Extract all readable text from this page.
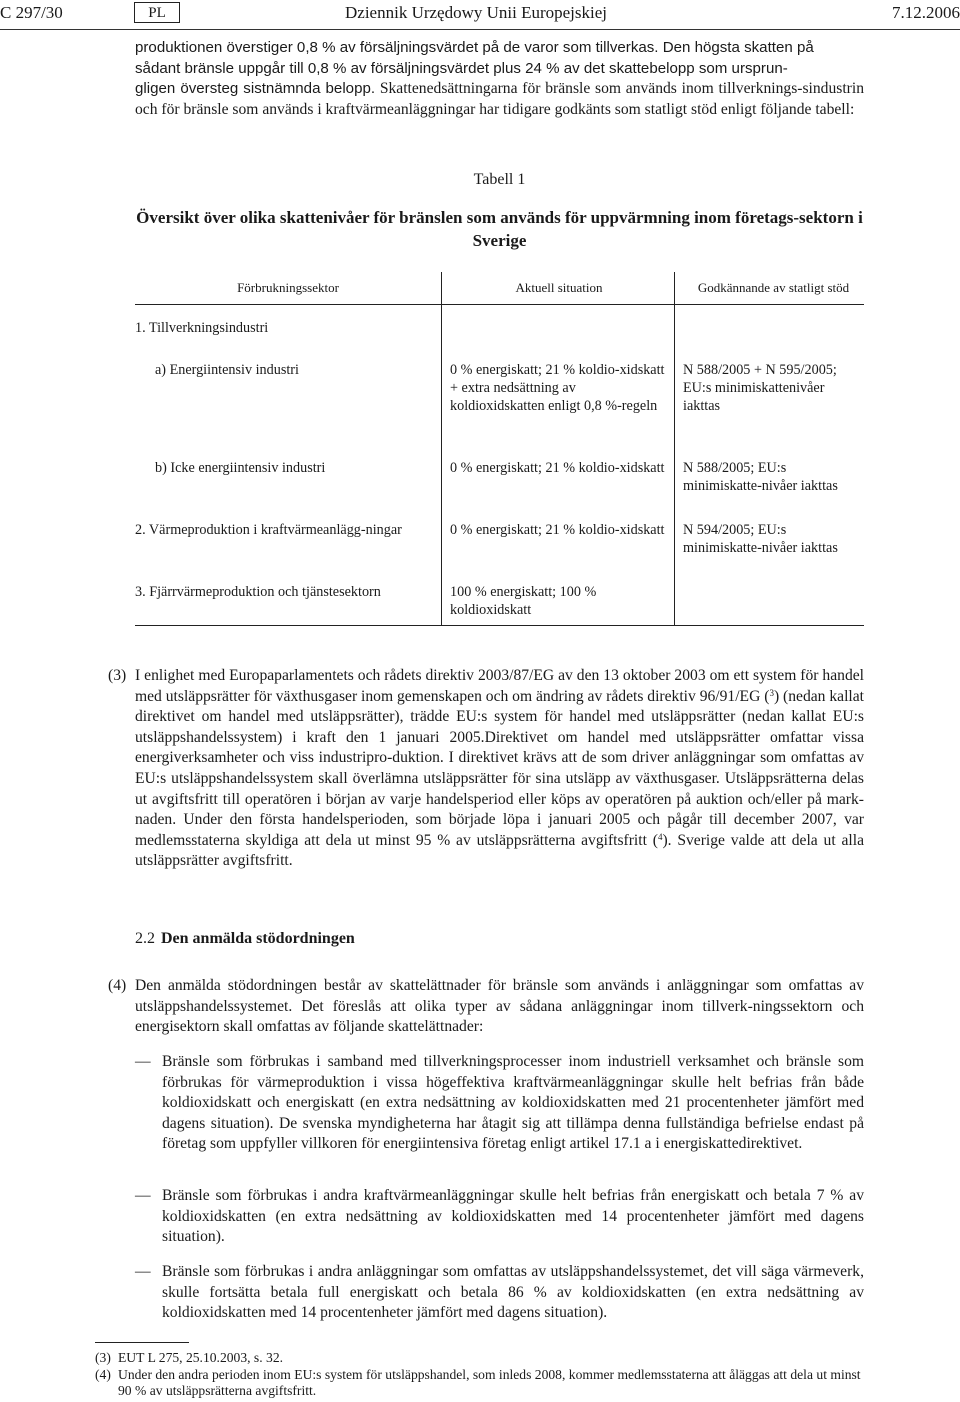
C 297/30	PL	Dziennik Urzędowy Unii Europejskiej	7.12.2006
produktionen överstiger 0,8 % av försäljningsvärdet på de varor som tillverkas. Den högsta skatten på
sådant bränsle uppgår till 0,8 % av försäljningsvärdet plus 24 % av det skattebelopp som ursprun-
gligen översteg sistnämnda belopp. Skattenedsättningarna för bränsle som används inom tillverknings-sindustrin och för bränsle som används i kraftvärmeanläggningar har tidigare godkänts som statligt stöd enligt följande tabell:
Tabell 1
Översikt över olika skattenivåer för bränslen som används för uppvärmning inom företags-sektorn i Sverige
Förbrukningssektor	Aktuell situation	Godkännande av statligt stöd
1. Tillverkningsindustri		
a) Energiintensiv industri	0 % energiskatt; 21 % koldio-xidskatt + extra nedsättning av koldioxidskatten enligt 0,8 %-regeln	N 588/2005 + N 595/2005; EU:s minimiskattenivåer iakttas
b) Icke energiintensiv industri	0 % energiskatt; 21 % koldio-xidskatt	N 588/2005; EU:s minimiskatte-nivåer iakttas
2. Värmeproduktion i kraftvärmeanlägg-ningar	0 % energiskatt; 21 % koldio-xidskatt	N 594/2005; EU:s minimiskatte-nivåer iakttas
3. Fjärrvärmeproduktion och tjänstesektorn	100 % energiskatt; 100 % koldioxidskatt	
(3) I enlighet med Europaparlamentets och rådets direktiv 2003/87/EG av den 13 oktober 2003 om ett system för handel med utsläppsrätter för växthusgaser inom gemenskapen och om ändring av rådets direktiv 96/91/EG ($^3$) (nedan kallat direktivet om handel med utsläppsrätter), trädde EU:s system för handel med utsläppsrätter (nedan kallat EU:s utsläppshandelssystem) i kraft den 1 januari 2005.Direktivet om handel med utsläppsrätter omfattar vissa energiverksamheter och viss industripro-duktion. I direktivet krävs att de som driver anläggningar som omfattas av EU:s utsläppshandelssystem skall överlämna utsläppsrätter för sina utsläpp av växthusgaser. Utsläppsrätterna delas ut avgiftsfritt till operatören i början av varje handelsperiod eller köps av operatören på auktion och/eller på mark-naden. Under den första handelsperioden, som började löpa i januari 2005 och pågår till december 2007, var medlemsstaterna skyldiga att dela ut minst 95 % av utsläppsrätterna avgiftsfritt ($^4$). Sverige valde att dela ut alla utsläppsrätter avgiftsfritt.
2.2 Den anmälda stödordningen
(4) Den anmälda stödordningen består av skattelättnader för bränsle som används i anläggningar som omfattas av utsläppshandelssystemet. Det föreslås att olika typer av sådana anläggningar inom tillverk-ningssektorn och energisektorn skall omfattas av följande skattelättnader:
— Bränsle som förbrukas i samband med tillverkningsprocesser inom industriell verksamhet och bränsle som förbrukas för värmeproduktion i vissa högeffektiva kraftvärmeanläggningar skulle helt befrias från både koldioxidskatt och energiskatt (en extra nedsättning av koldioxidskatten med 21 procentenheter jämfört med dagens situation). De svenska myndigheterna har åtagit sig att tillämpa denna fullständiga befrielse endast på företag som uppfyller villkoren för energiintensiva företag enligt artikel 17.1 a i energiskattedirektivet.
— Bränsle som förbrukas i andra kraftvärmeanläggningar skulle helt befrias från energiskatt och betala 7 % av koldioxidskatten (en extra nedsättning av koldioxidskatten med 14 procentenheter jämfört med dagens situation).
— Bränsle som förbrukas i andra anläggningar som omfattas av utsläppshandelssystemet, det vill säga värmeverk, skulle fortsätta betala full energiskatt och betala 86 % av koldioxidskatten (en extra nedsättning av koldioxidskatten med 14 procentenheter jämfört med dagens situation).
(3) EUT L 275, 25.10.2003, s. 32.
(4) Under den andra perioden inom EU:s system för utsläppshandel, som inleds 2008, kommer medlemsstaterna att åläggas att dela ut minst 90 % av utsläppsrätterna avgiftsfritt.
